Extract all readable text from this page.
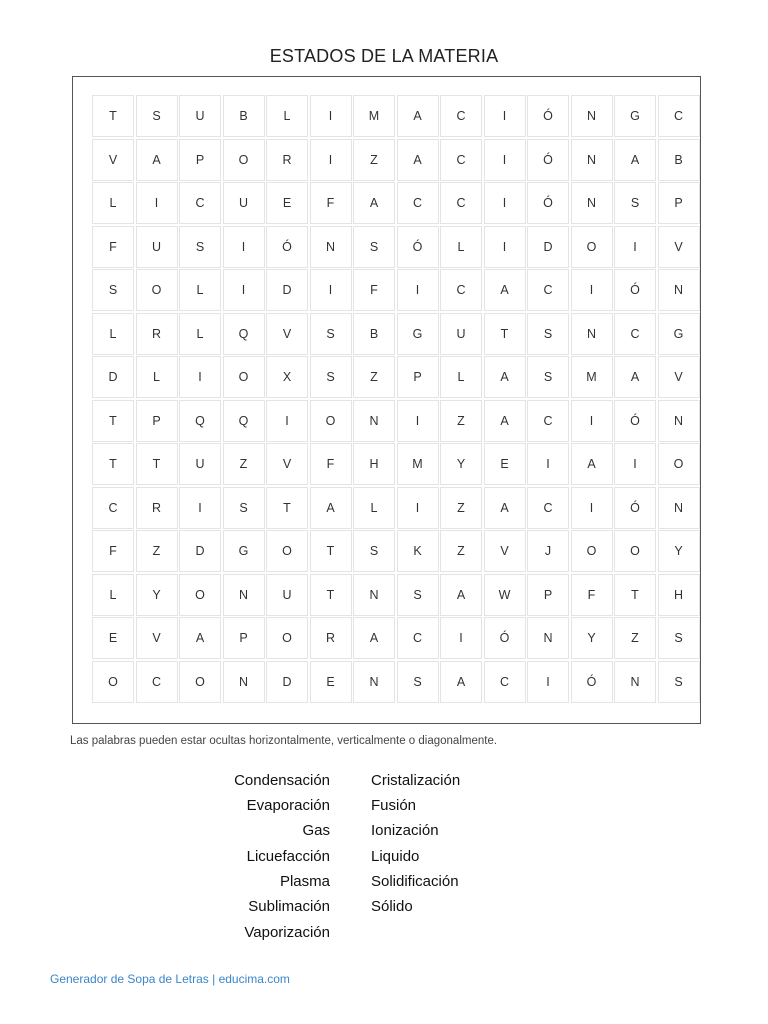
ESTADOS DE LA MATERIA
T	S	U	B	L	I	M	A	C	I	Ó	N	G	C
V	A	P	O	R	I	Z	A	C	I	Ó	N	A	B
L	I	C	U	E	F	A	C	C	I	Ó	N	S	P
F	U	S	I	Ó	N	S	Ó	L	I	D	O	I	V
S	O	L	I	D	I	F	I	C	A	C	I	Ó	N
L	R	L	Q	V	S	B	G	U	T	S	N	C	G
D	L	I	O	X	S	Z	P	L	A	S	M	A	V
T	P	Q	Q	I	O	N	I	Z	A	C	I	Ó	N
T	T	U	Z	V	F	H	M	Y	E	I	A	I	O
C	R	I	S	T	A	L	I	Z	A	C	I	Ó	N
F	Z	D	G	O	T	S	K	Z	V	J	O	O	Y
L	Y	O	N	U	T	N	S	A	W	P	F	T	H
E	V	A	P	O	R	A	C	I	Ó	N	Y	Z	S
O	C	O	N	D	E	N	S	A	C	I	Ó	N	S
Las palabras pueden estar ocultas horizontalmente, verticalmente o diagonalmente.
Condensación
Evaporación
Gas
Licuefacción
Plasma
Sublimación
Vaporización
Cristalización
Fusión
Ionización
Liquido
Solidificación
Sólido
Generador de Sopa de Letras | educima.com
